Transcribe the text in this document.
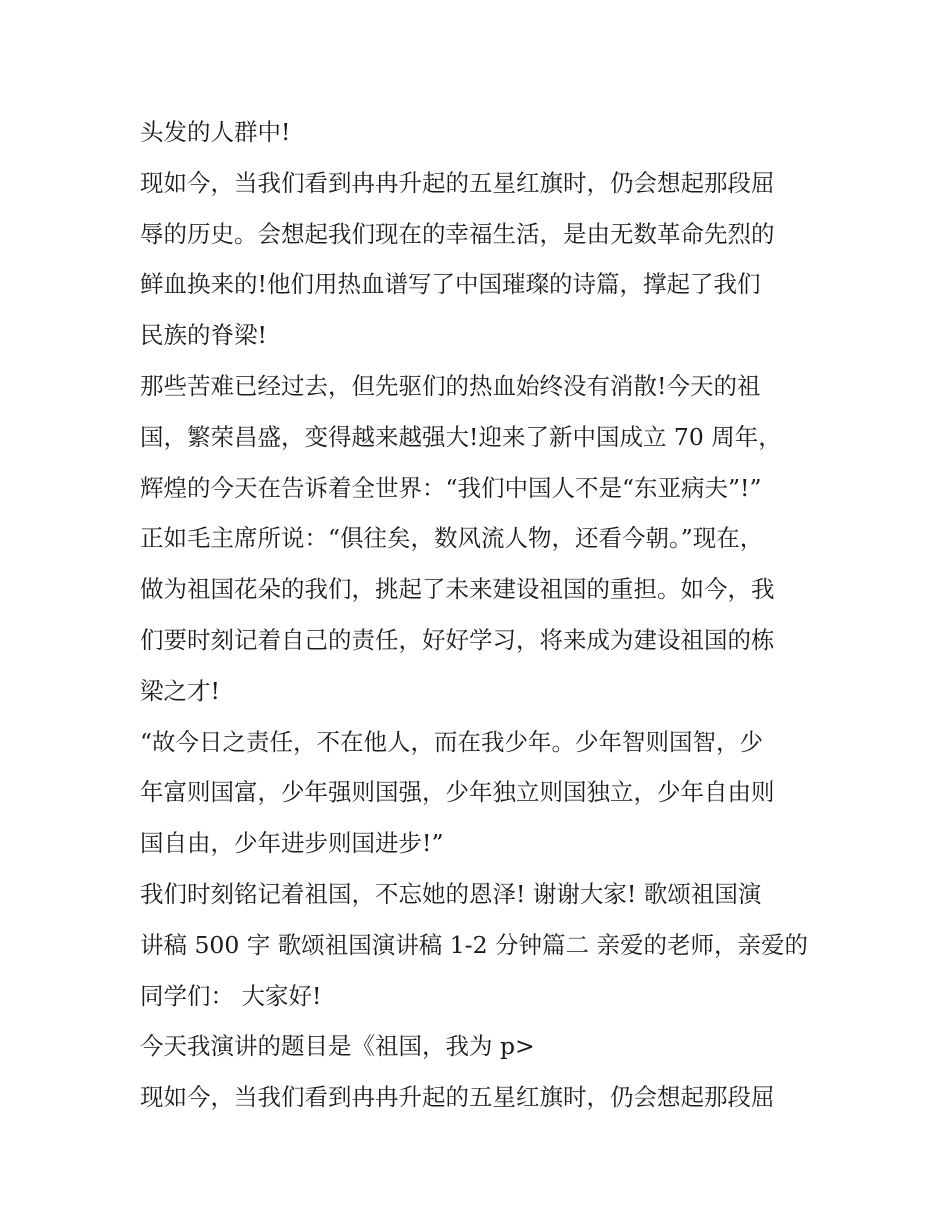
头发的人群中!
现如今，当我们看到冉冉升起的五星红旗时，仍会想起那段屈
辱的历史。会想起我们现在的幸福生活，是由无数革命先烈的
鲜血换来的!他们用热血谱写了中国璀璨的诗篇，撑起了我们
民族的脊梁!
那些苦难已经过去，但先驱们的热血始终没有消散!今天的祖
国，繁荣昌盛，变得越来越强大!迎来了新中国成立 70 周年，
辉煌的今天在告诉着全世界：“我们中国人不是“东亚病夫”!”
正如毛主席所说：“俱往矣，数风流人物，还看今朝。”现在，
做为祖国花朵的我们，挑起了未来建设祖国的重担。如今，我
们要时刻记着自己的责任，好好学习，将来成为建设祖国的栋
梁之才!
“故今日之责任，不在他人，而在我少年。少年智则国智，少
年富则国富，少年强则国强，少年独立则国独立，少年自由则
国自由，少年进步则国进步!”
我们时刻铭记着祖国，不忘她的恩泽! 谢谢大家! 歌颂祖国演
讲稿 500 字 歌颂祖国演讲稿 1-2 分钟篇二 亲爱的老师，亲爱的
同学们： 大家好!
今天我演讲的题目是《祖国，我为 p>
现如今，当我们看到冉冉升起的五星红旗时，仍会想起那段屈
